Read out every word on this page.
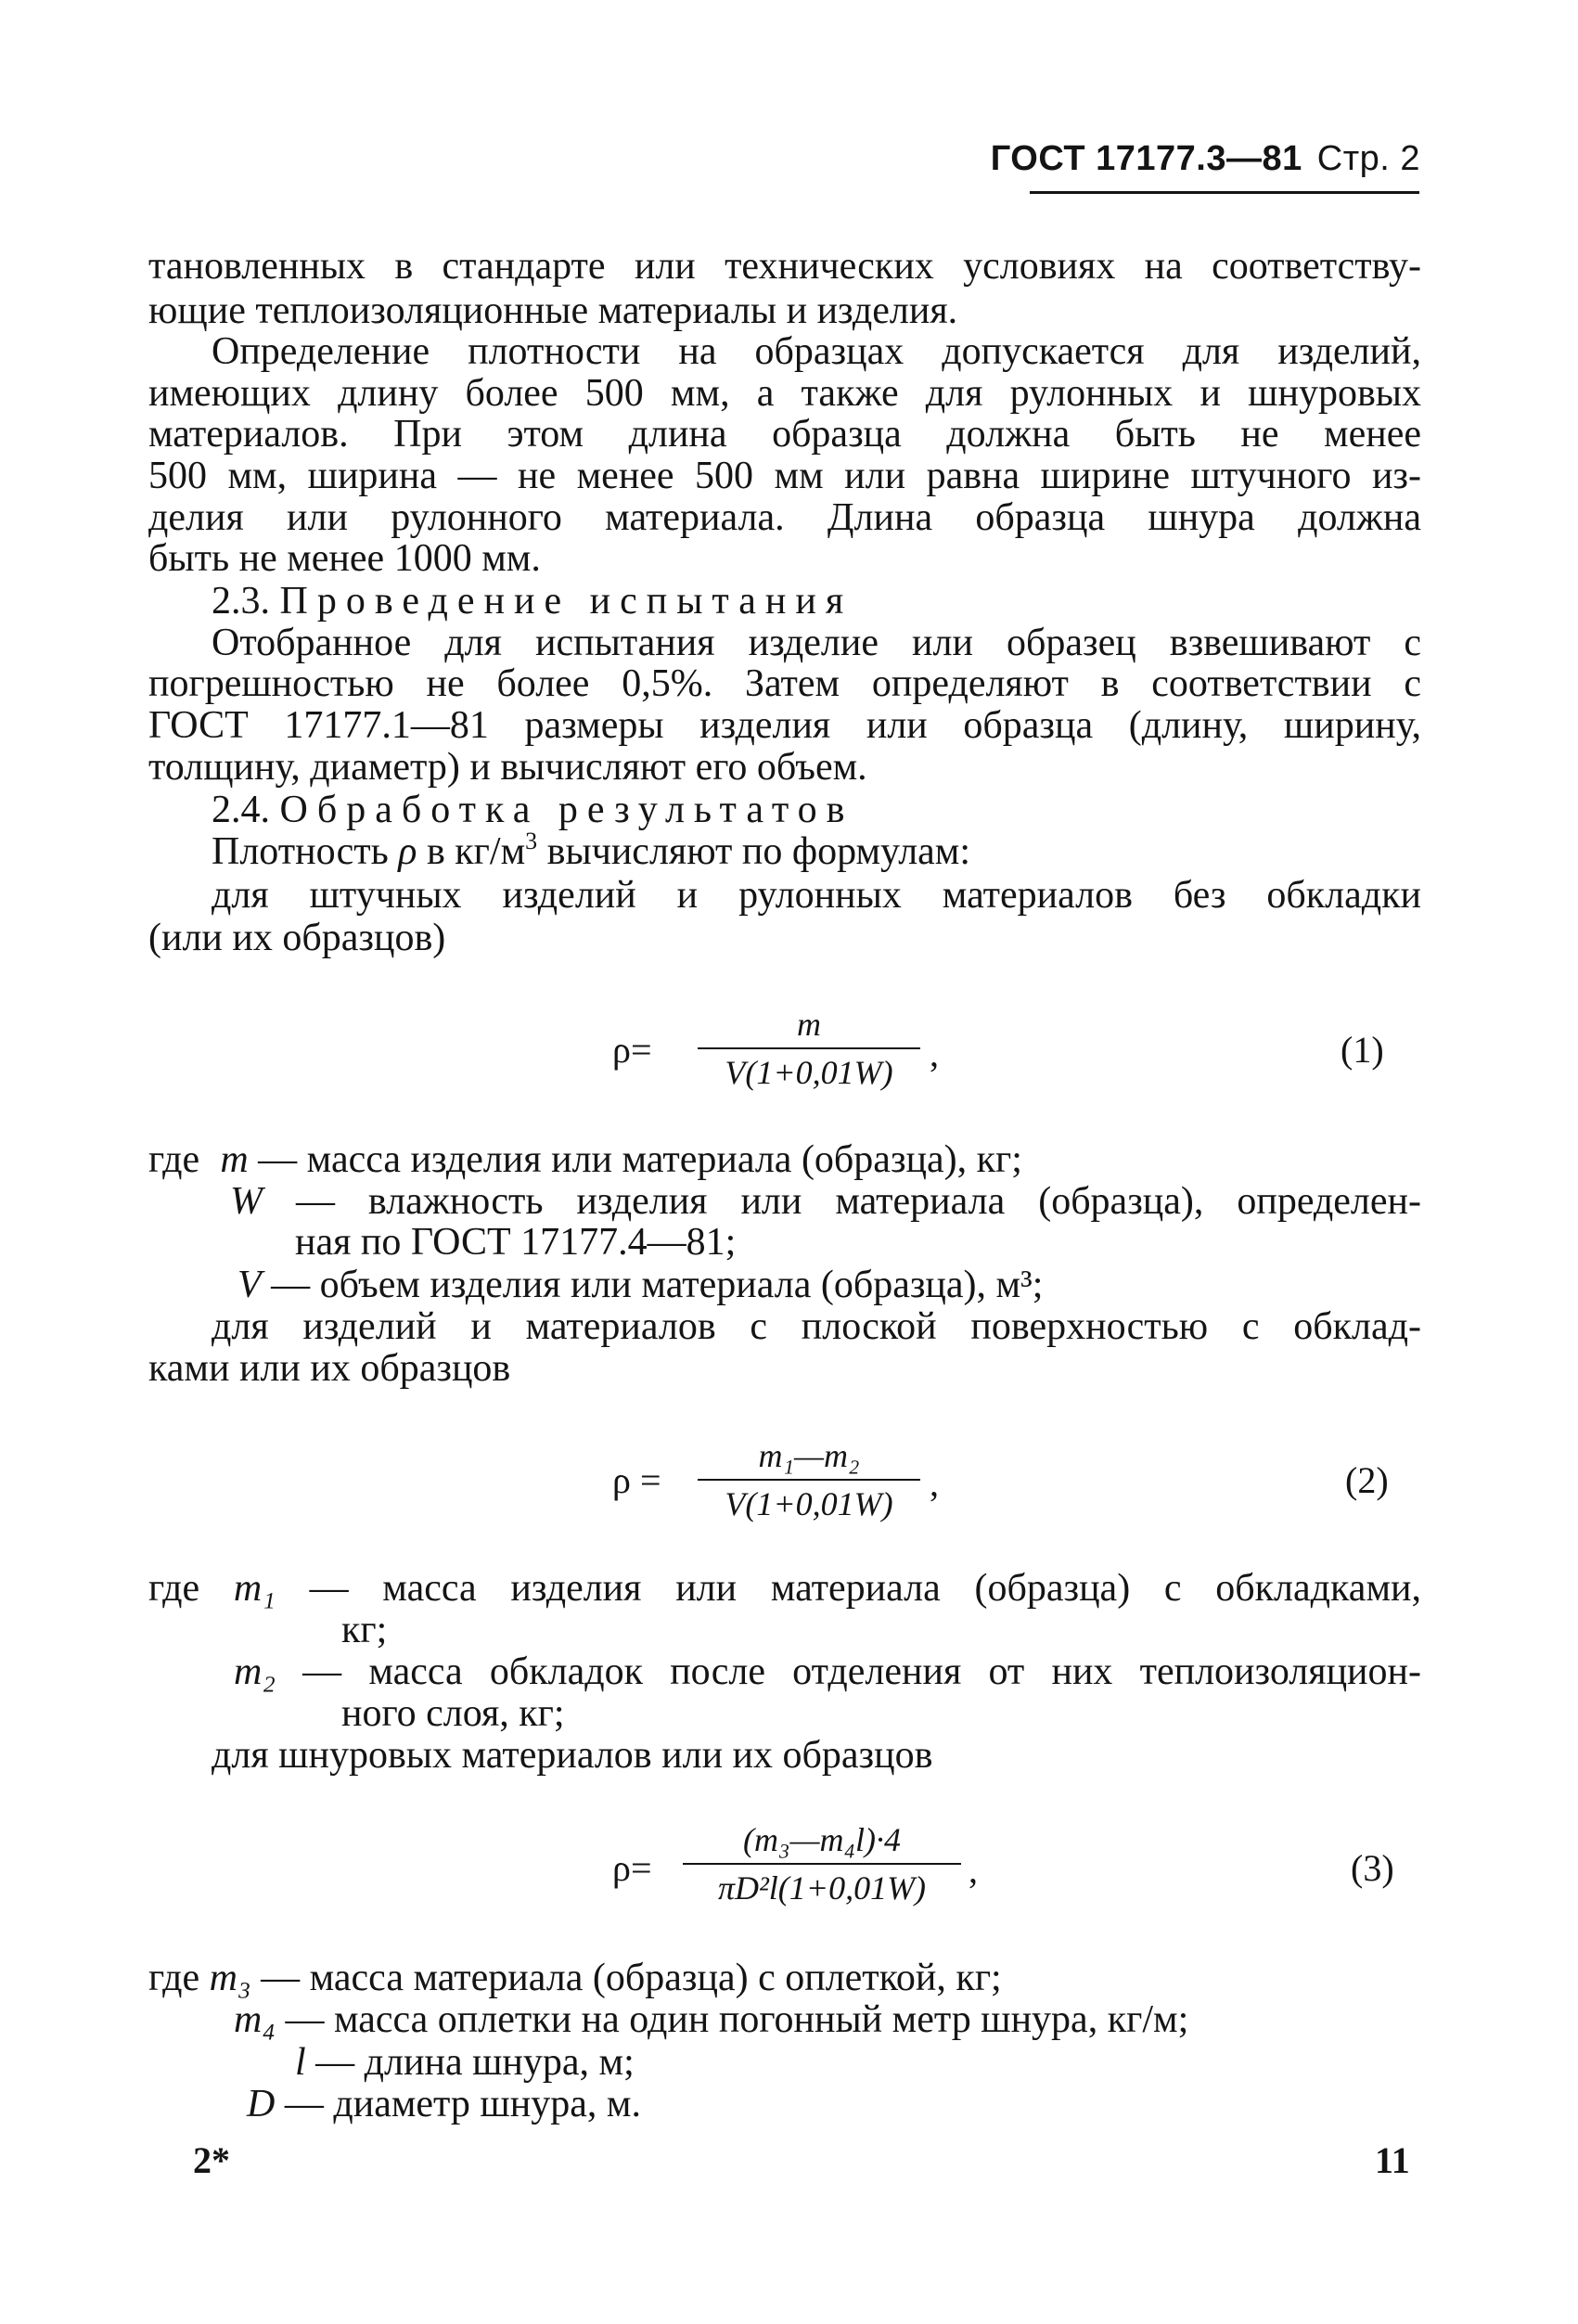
ГОСТ 17177.3—81 Стр. 2
тановленных в стандарте или технических условиях на соответству-
ющие теплоизоляционные материалы и изделия.
Определение плотности на образцах допускается для изделий,
имеющих длину более 500 мм, а также для рулонных и шнуровых
материалов. При этом длина образца должна быть не менее
500 мм, ширина — не менее 500 мм или равна ширине штучного из-
делия или рулонного материала. Длина образца шнура должна
быть не менее 1000 мм.
2.3. Проведение испытания
Отобранное для испытания изделие или образец взвешивают с
погрешностью не более 0,5%. Затем определяют в соответствии с
ГОСТ 17177.1—81 размеры изделия или образца (длину, ширину,
толщину, диаметр) и вычисляют его объем.
2.4. Обработка результатов
Плотность ρ в $кг/м^3$ вычисляют по формулам:
для штучных изделий и рулонных материалов без обкладки
(или их образцов)
$\rho= \frac{m}{V(1+0,01W)}$ ,	(1)
где m — масса изделия или материала (образца), кг;
W — влажность изделия или материала (образца), определен-
ная по ГОСТ 17177.4—81;
V — объем изделия или материала (образца), м³;
для изделий и материалов с плоской поверхностью с обклад-
ками или их образцов
$\rho = \frac{\text{m₁—m₂}}{V(1+0,01W)}$ ,	(2)
где m₁ — масса изделия или материала (образца) с обкладками,
кг;
m₂ — масса обкладок после отделения от них теплоизоляцион-
ного слоя, кг;
для шнуровых материалов или их образцов
$\rho= \frac{\text{(m₃—m₄l)·4}}{\text{πD²l(1+0,01W)}}$ ,	(3)
где m₃ — масса материала (образца) с оплеткой, кг;
m₄ — масса оплетки на один погонный метр шнура, кг/м;
l — длина шнура, м;
D — диаметр шнура, м.
2*	11
